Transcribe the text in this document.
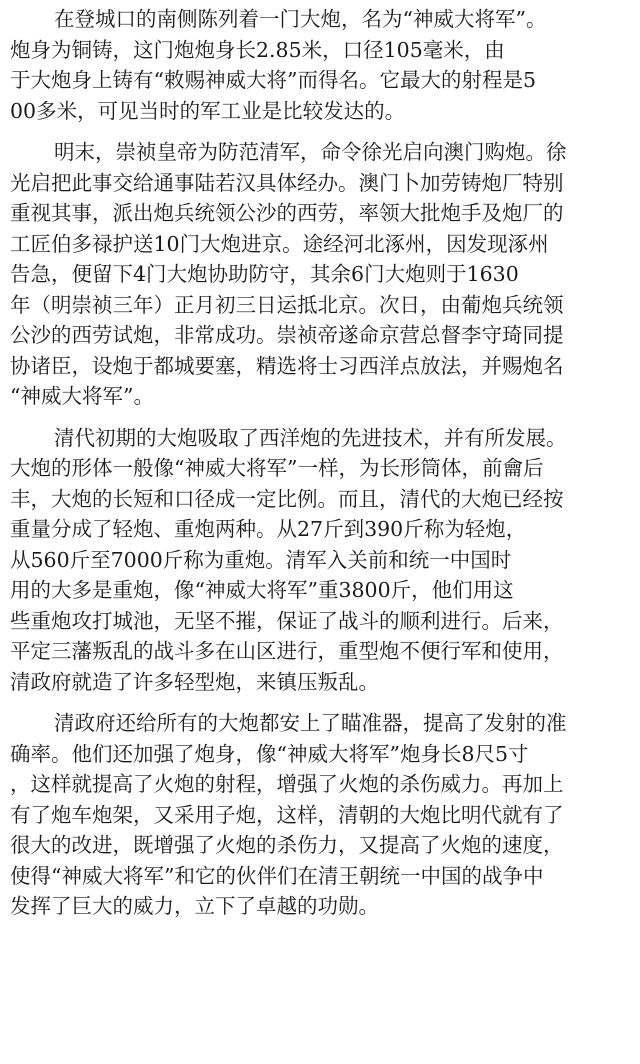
在登城口的南侧陈列着一门大炮，名为“神威大将军”。
炮身为铜铸，这门炮炮身长2.85米，口径105毫米，由
于大炮身上铸有“敕赐神威大将”而得名。它最大的射程是5
00多米，可见当时的军工业是比较发达的。
明末，崇祯皇帝为防范清军，命令徐光启向澳门购炮。徐
光启把此事交给通事陆若汉具体经办。澳门卜加劳铸炮厂特别
重视其事，派出炮兵统领公沙的西劳，率领大批炮手及炮厂的
工匠伯多禄护送10门大炮进京。途经河北涿州，因发现涿州
告急，便留下4门大炮协助防守，其余6门大炮则于1630
年（明崇祯三年）正月初三日运抵北京。次日，由葡炮兵统领
公沙的西劳试炮，非常成功。崇祯帝遂命京营总督李守琦同提
协诸臣，设炮于都城要塞，精选将士习西洋点放法，并赐炮名
“神威大将军”。
清代初期的大炮吸取了西洋炮的先进技术，并有所发展。
大炮的形体一般像“神威大将军”一样，为长形筒体，前龠后
丰，大炮的长短和口径成一定比例。而且，清代的大炮已经按
重量分成了轻炮、重炮两种。从27斤到390斤称为轻炮，
从560斤至7000斤称为重炮。清军入关前和统一中国时
用的大多是重炮，像“神威大将军”重3800斤，他们用这
些重炮攻打城池，无坚不摧，保证了战斗的顺利进行。后来，
平定三藩叛乱的战斗多在山区进行，重型炮不便行军和使用，
清政府就造了许多轻型炮，来镇压叛乱。
清政府还给所有的大炮都安上了瞄准器，提高了发射的准
确率。他们还加强了炮身，像“神威大将军”炮身长8尺5寸
，这样就提高了火炮的射程，增强了火炮的杀伤威力。再加上
有了炮车炮架，又采用子炮，这样，清朝的大炮比明代就有了
很大的改进，既增强了火炮的杀伤力，又提高了火炮的速度，
使得“神威大将军”和它的伙伴们在清王朝统一中国的战争中
发挥了巨大的威力，立下了卓越的功勋。
